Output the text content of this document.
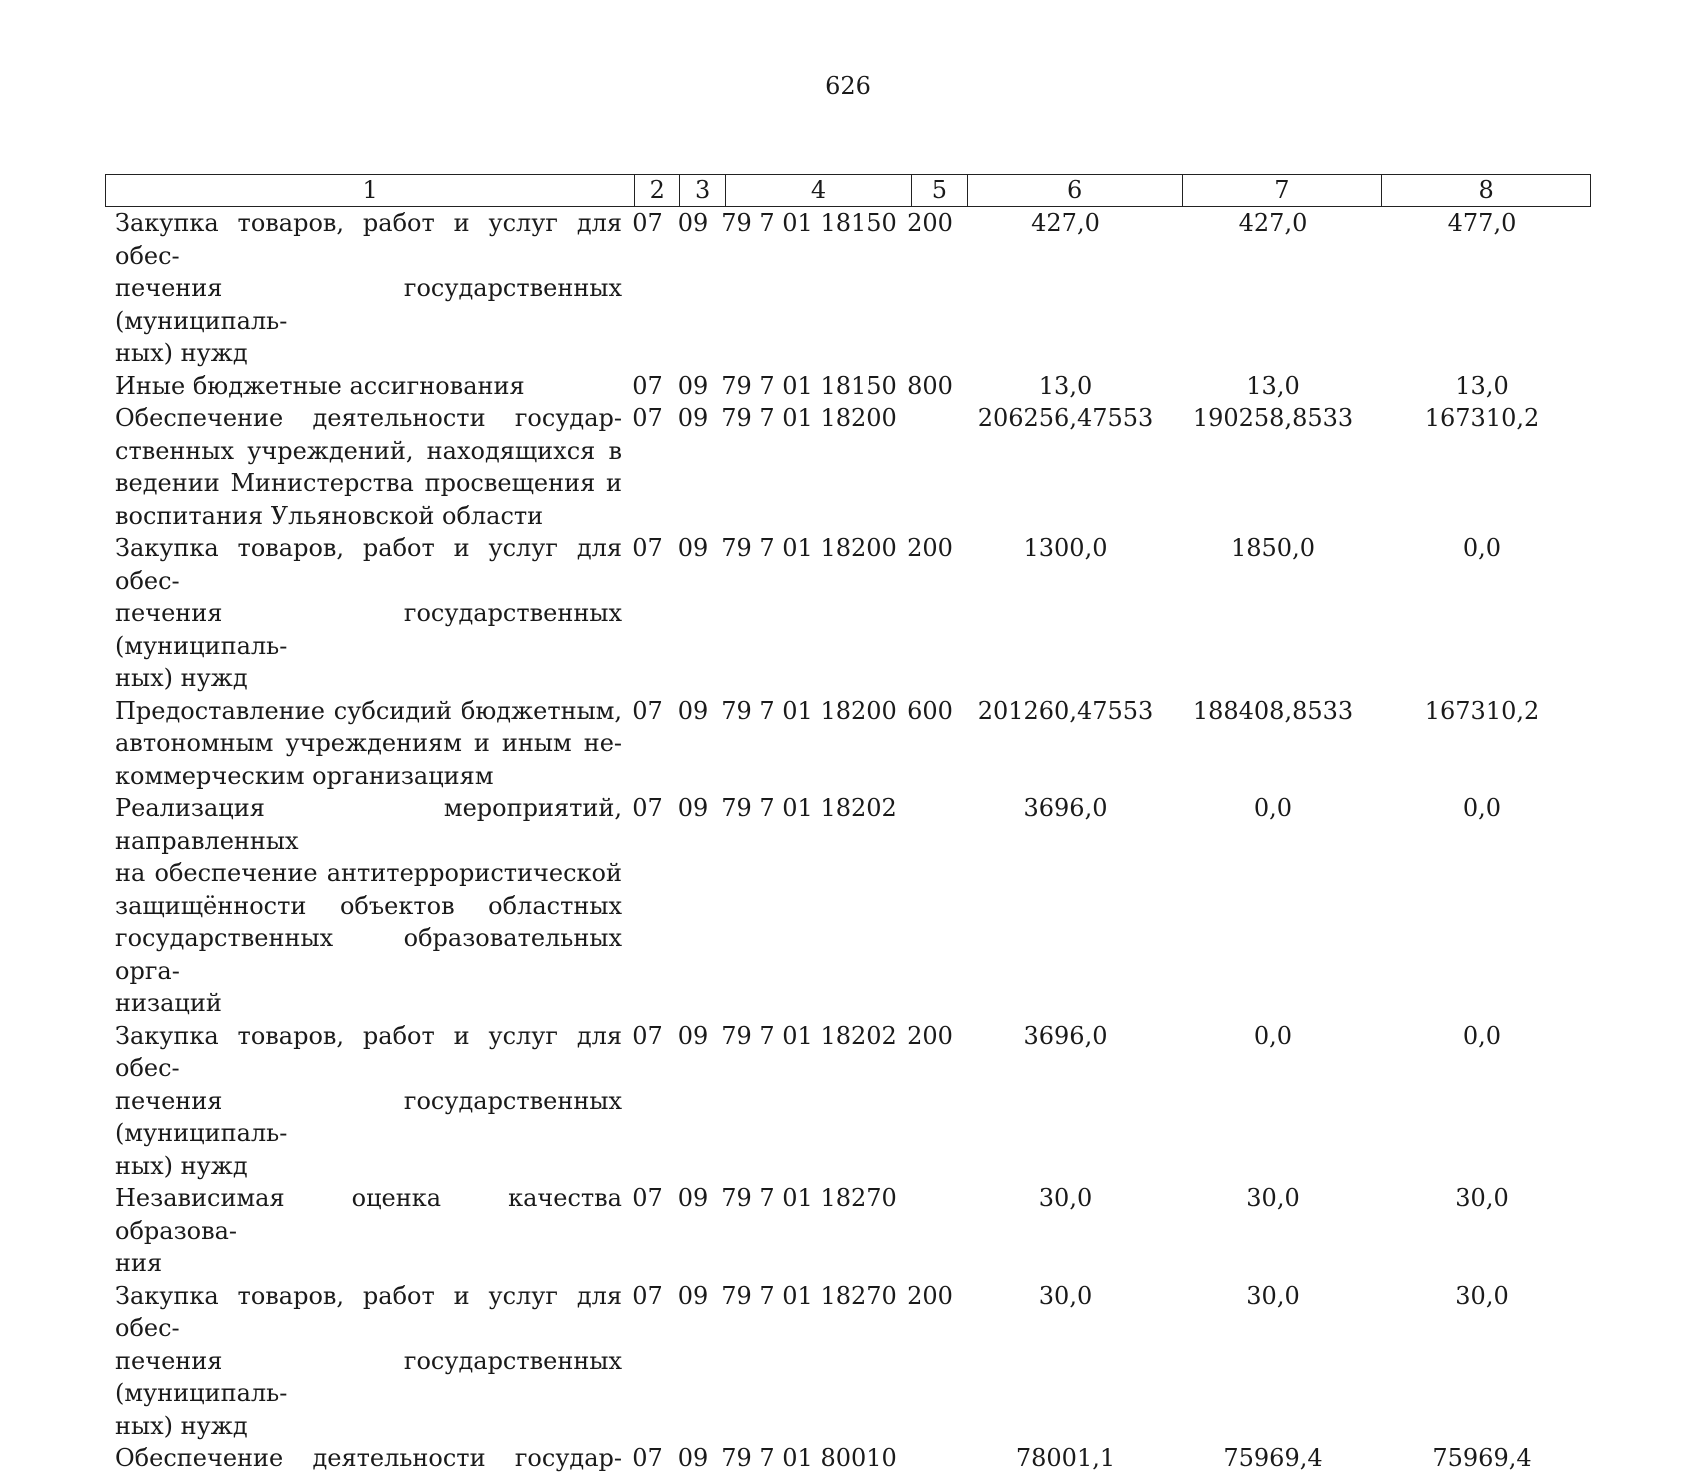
626
1	2	3	4	5	6	7	8
Закупка товаров, работ и услуг для обес-
печения государственных (муниципаль-
ных) нужд
07 09 79 7 01 18150 200	427,0	427,0	477,0
Иные бюджетные ассигнования	07 09 79 7 01 18150 800	13,0	13,0	13,0
Обеспечение деятельности государ-
ственных учреждений, находящихся в
ведении Министерства просвещения и
воспитания Ульяновской области
07 09 79 7 01 18200	206256,47553	190258,8533	167310,2
Закупка товаров, работ и услуг для обес-
печения государственных (муниципаль-
ных) нужд
07 09 79 7 01 18200 200	1300,0	1850,0	0,0
Предоставление субсидий бюджетным,
автономным учреждениям и иным не-
коммерческим организациям
07 09 79 7 01 18200 600	201260,47553	188408,8533	167310,2
Реализация мероприятий, направленных
на обеспечение антитеррористической
защищённости объектов областных
государственных образовательных орга-
низаций
07 09 79 7 01 18202	3696,0	0,0	0,0
Закупка товаров, работ и услуг для обес-
печения государственных (муниципаль-
ных) нужд
07 09 79 7 01 18202 200	3696,0	0,0	0,0
Независимая оценка качества образова-
ния
07 09 79 7 01 18270	30,0	30,0	30,0
Закупка товаров, работ и услуг для обес-
печения государственных (муниципаль-
ных) нужд
07 09 79 7 01 18270 200	30,0	30,0	30,0
Обеспечение деятельности государ- 07 09 79 7 01 80010	78001,1	75969,4	75969,4
